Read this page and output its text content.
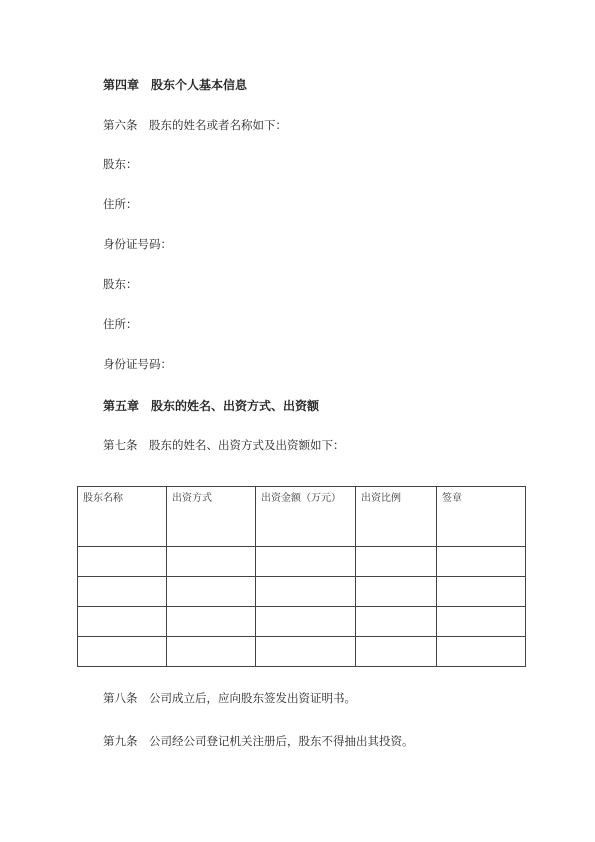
第四章　股东个人基本信息
第六条　股东的姓名或者名称如下：
股东：
住所：
身份证号码：
股东：
住所：
身份证号码：
第五章　股东的姓名、出资方式、出资额
第七条　股东的姓名、出资方式及出资额如下：
股东名称	出资方式	出资金额（万元）	出资比例	签章

第八条　公司成立后，应向股东签发出资证明书。
第九条　公司经公司登记机关注册后，股东不得抽出其投资。
